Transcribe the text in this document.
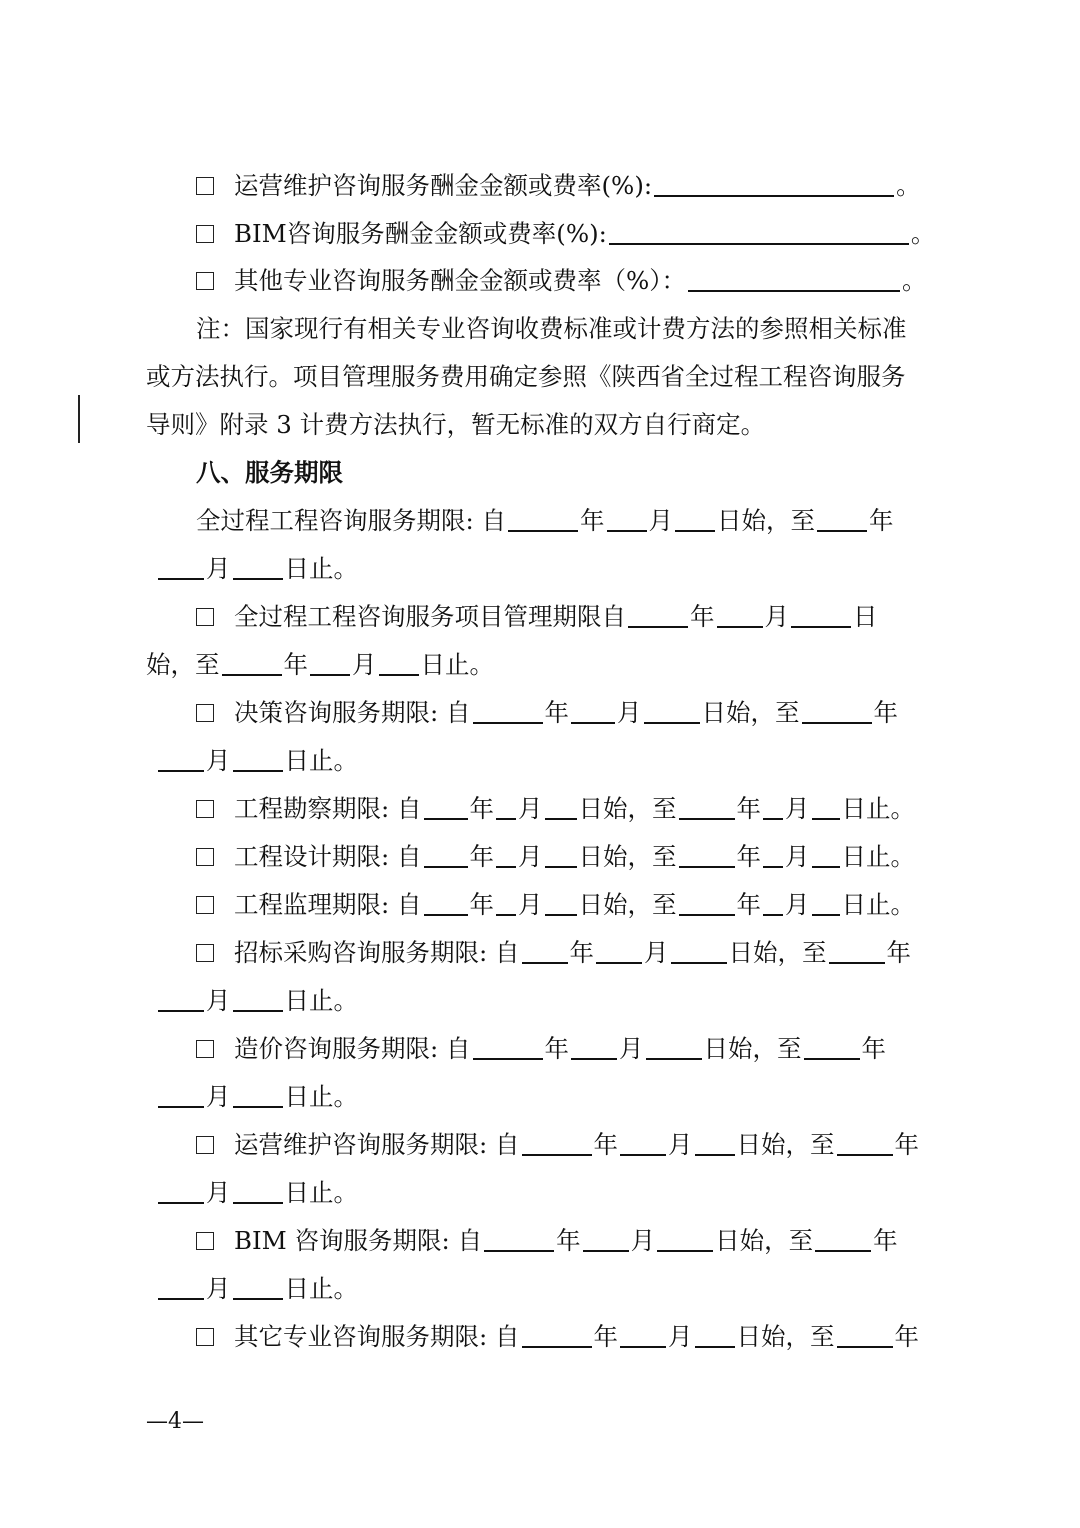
运营维护咨询服务酬金金额或费率(%):	。
BIM咨询服务酬金金额或费率(%):	。
其他专业咨询服务酬金金额或费率（%）：	。
注：国家现行有相关专业咨询收费标准或计费方法的参照相关标准
或方法执行。项目管理服务费用确定参照《陕西省全过程工程咨询服务
导则》附录 3 计费方法执行，暂无标准的双方自行商定。
八、服务期限
全过程工程咨询服务期限: 自	年 月 日始，至 年
月 日止。
全过程工程咨询服务项目管理期限自	年 月	日
始，至	年 月 日止。
决策咨询服务期限: 自	年 月 日始，至	年
月 日止。
工程勘察期限: 自 年 月 日始，至 年 月 日止。
工程设计期限: 自 年 月 日始，至 年 月 日止。
工程监理期限: 自 年 月 日始，至 年 月 日止。
招标采购咨询服务期限: 自 年 月 日始，至 年
月 日止。
造价咨询服务期限: 自	年 月 日始，至 年
月 日止。
运营维护咨询服务期限: 自	年 月 日始，至 年
月 日止。
BIM 咨询服务期限: 自	年 月 日始，至 年
月 日止。
其它专业咨询服务期限: 自	年 月 日始，至 年
—4—
